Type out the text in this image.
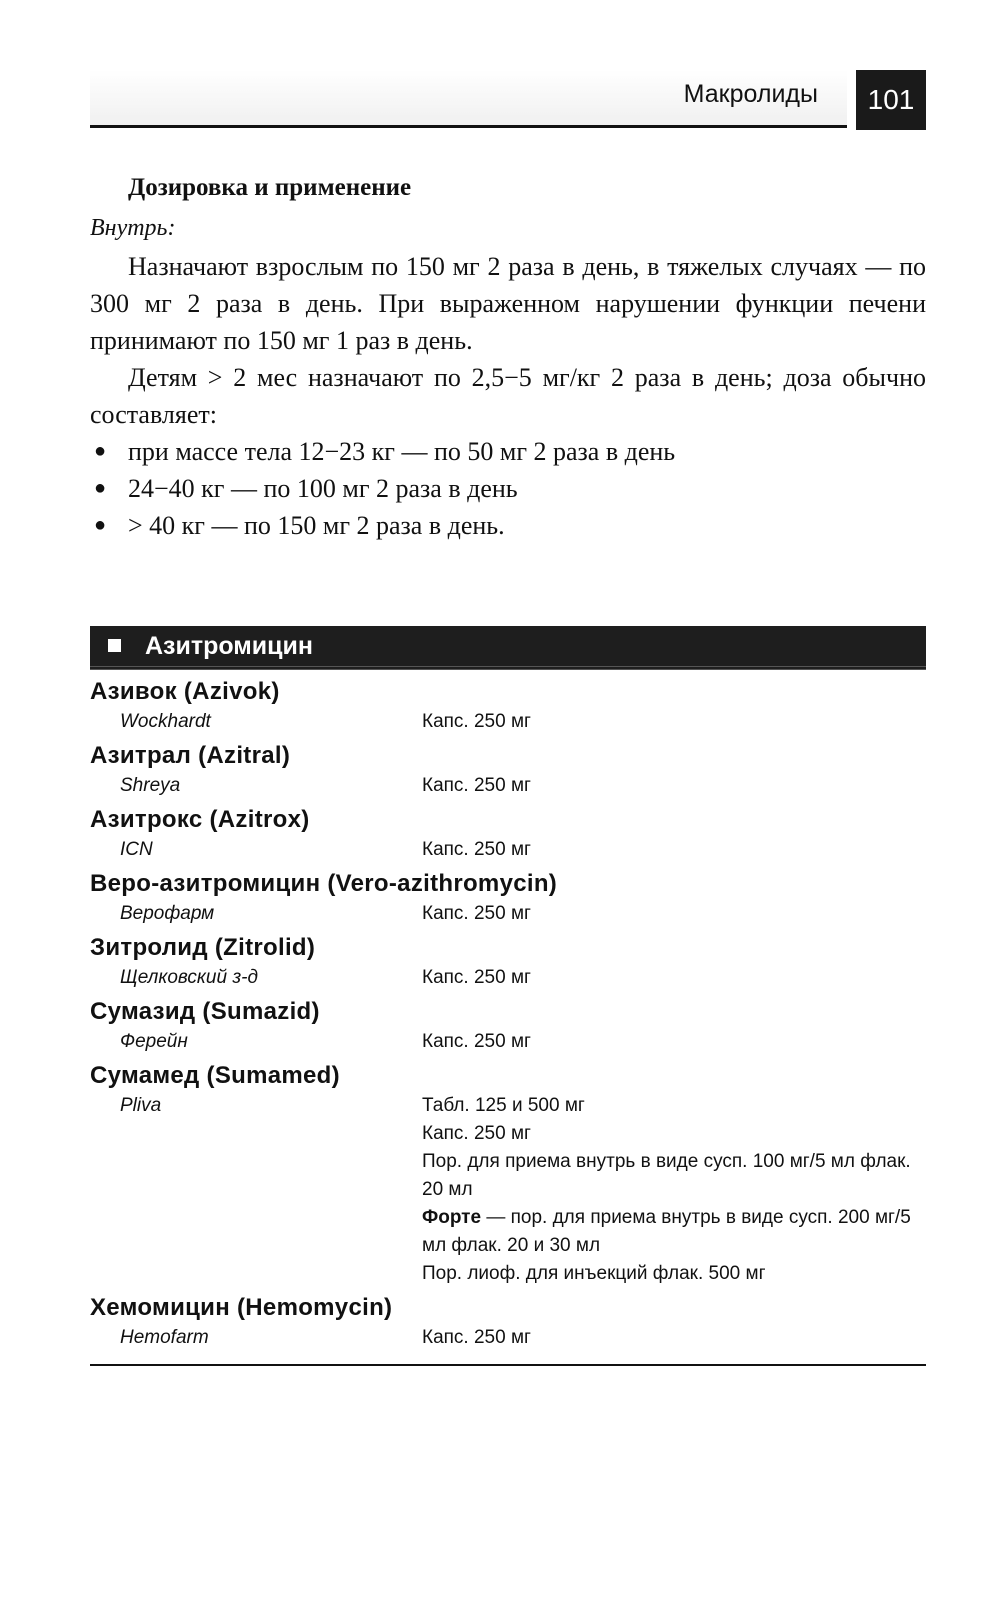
Макролиды	101
Дозировка и применение
Внутрь:

Назначают взрослым по 150 мг 2 раза в день, в тяжелых случаях — по 300 мг 2 раза в день. При выраженном нарушении функции печени принимают по 150 мг 1 раз в день.

Детям > 2 мес назначают по 2,5−5 мг/кг 2 раза в день; доза обычно составляет:

● при массе тела 12−23 кг — по 50 мг 2 раза в день
● 24−40 кг — по 100 мг 2 раза в день
● > 40 кг — по 150 мг 2 раза в день.
Азитромицин
Азивок (Azivok)
Wockhardt	Капс. 250 мг
Азитрал (Azitral)
Shreya	Капс. 250 мг
Азитрокс (Azitrox)
ICN	Капс. 250 мг
Веро-азитромицин (Vero-azithromycin)
Верофарм	Капс. 250 мг
Зитролид (Zitrolid)
Щелковский з-д	Капс. 250 мг
Сумазид (Sumazid)
Ферейн	Капс. 250 мг
Сумамед (Sumamed)
Pliva	Табл. 125 и 500 мг
Капс. 250 мг
Пор. для приема внутрь в виде сусп. 100 мг/5 мл флак. 20 мл
Форте — пор. для приема внутрь в виде сусп. 200 мг/5 мл флак. 20 и 30 мл
Пор. лиоф. для инъекций флак. 500 мг
Хемомицин (Hemomycin)
Hemofarm	Капс. 250 мг
